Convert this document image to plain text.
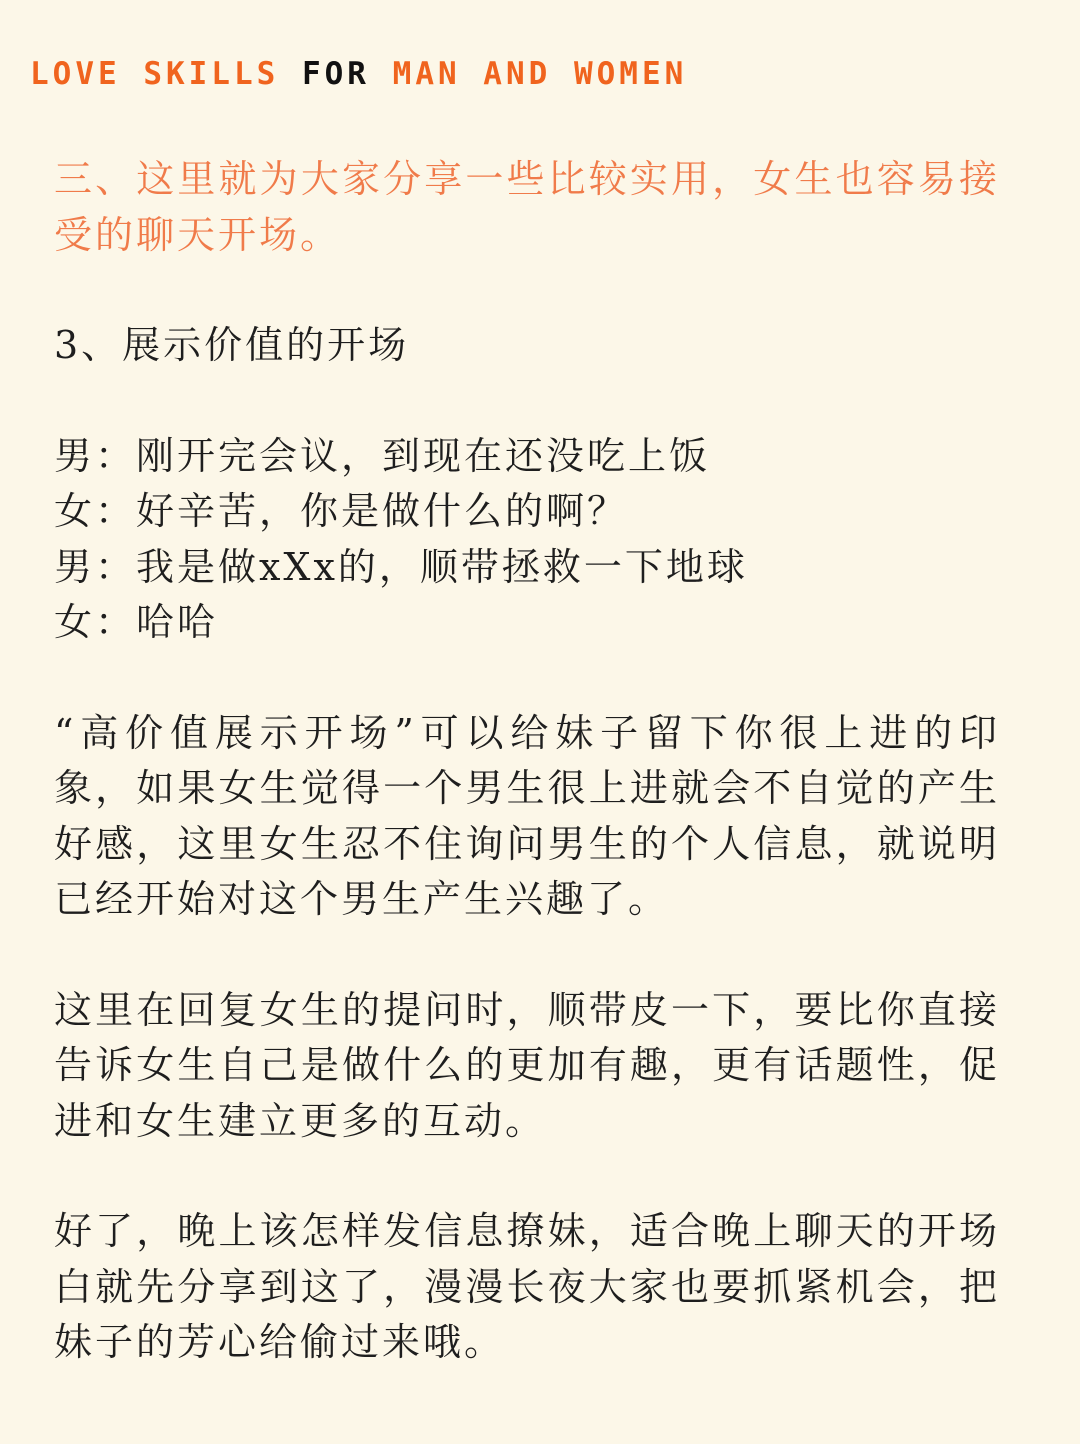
LOVE SKILLS FOR MAN AND WOMEN

三、这里就为大家分享一些比较实用，女生也容易接受的聊天开场。

3、展示价值的开场

男：刚开完会议，到现在还没吃上饭
女：好辛苦，你是做什么的啊？
男：我是做xXx的，顺带拯救一下地球
女：哈哈

“高价值展示开场”可以给妹子留下你很上进的印象，如果女生觉得一个男生很上进就会不自觉的产生好感，这里女生忍不住询问男生的个人信息，就说明已经开始对这个男生产生兴趣了。

这里在回复女生的提问时，顺带皮一下，要比你直接告诉女生自己是做什么的更加有趣，更有话题性，促进和女生建立更多的互动。

好了，晚上该怎样发信息撩妹，适合晚上聊天的开场白就先分享到这了，漫漫长夜大家也要抓紧机会，把妹子的芳心给偷过来哦。
